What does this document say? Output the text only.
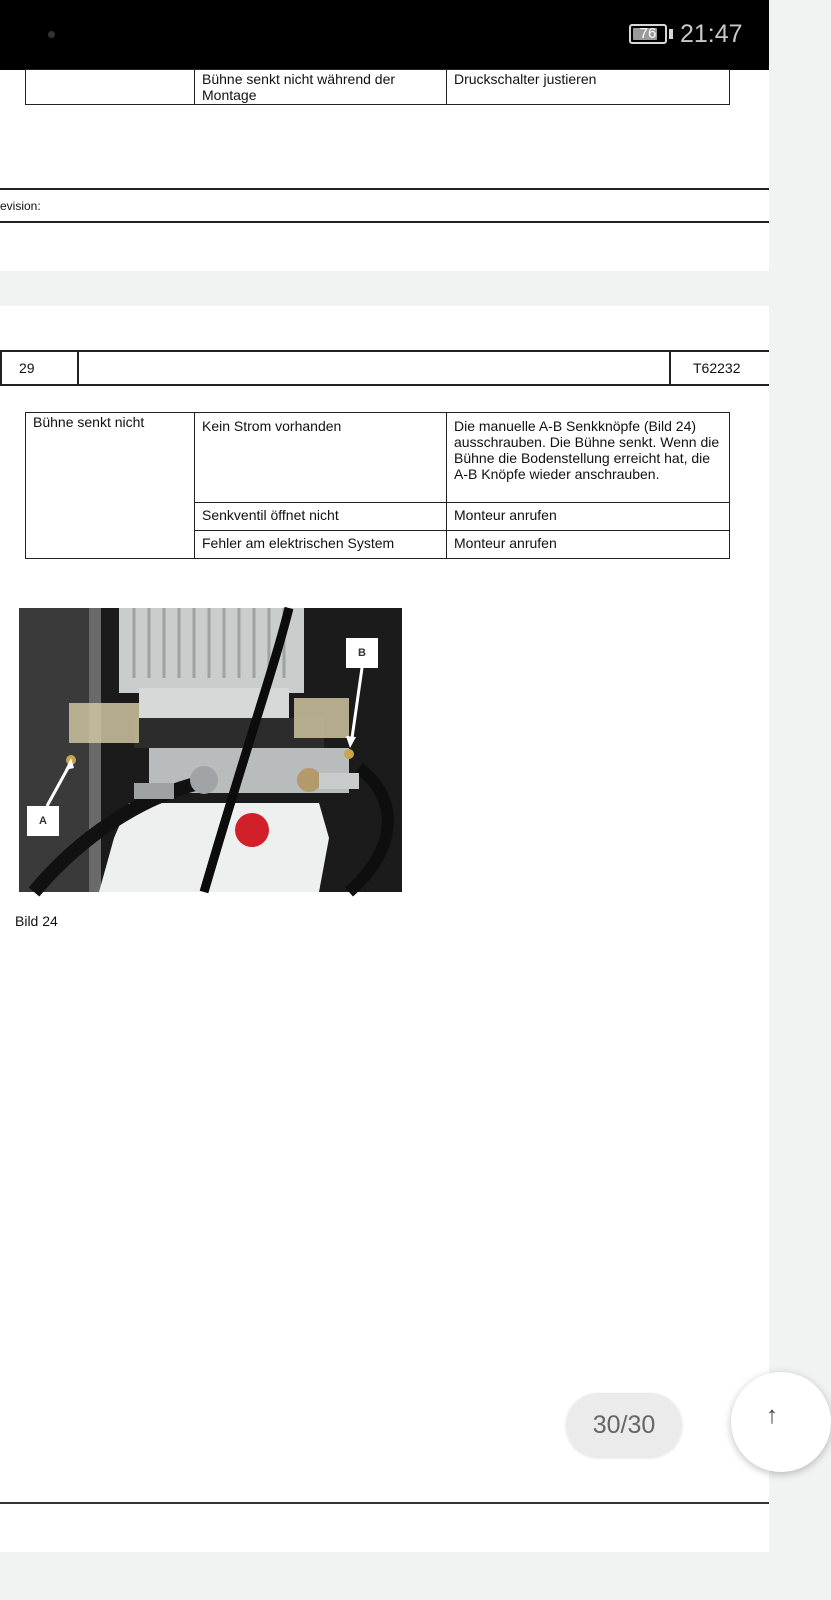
76 21:47
	Bühne senkt nicht während der Montage	Druckschalter justieren
evision:
29	T62232
Bühne senkt nicht	Kein Strom vorhanden	Die manuelle A-B Senkknöpfe (Bild 24) ausschrauben. Die Bühne senkt. Wenn die Bühne die Bodenstellung erreicht hat, die A-B Knöpfe wieder anschrauben.
	Senkventil öffnet nicht	Monteur anrufen
	Fehler am elektrischen System	Monteur anrufen
A
B
Bild 24
30/30	↑
